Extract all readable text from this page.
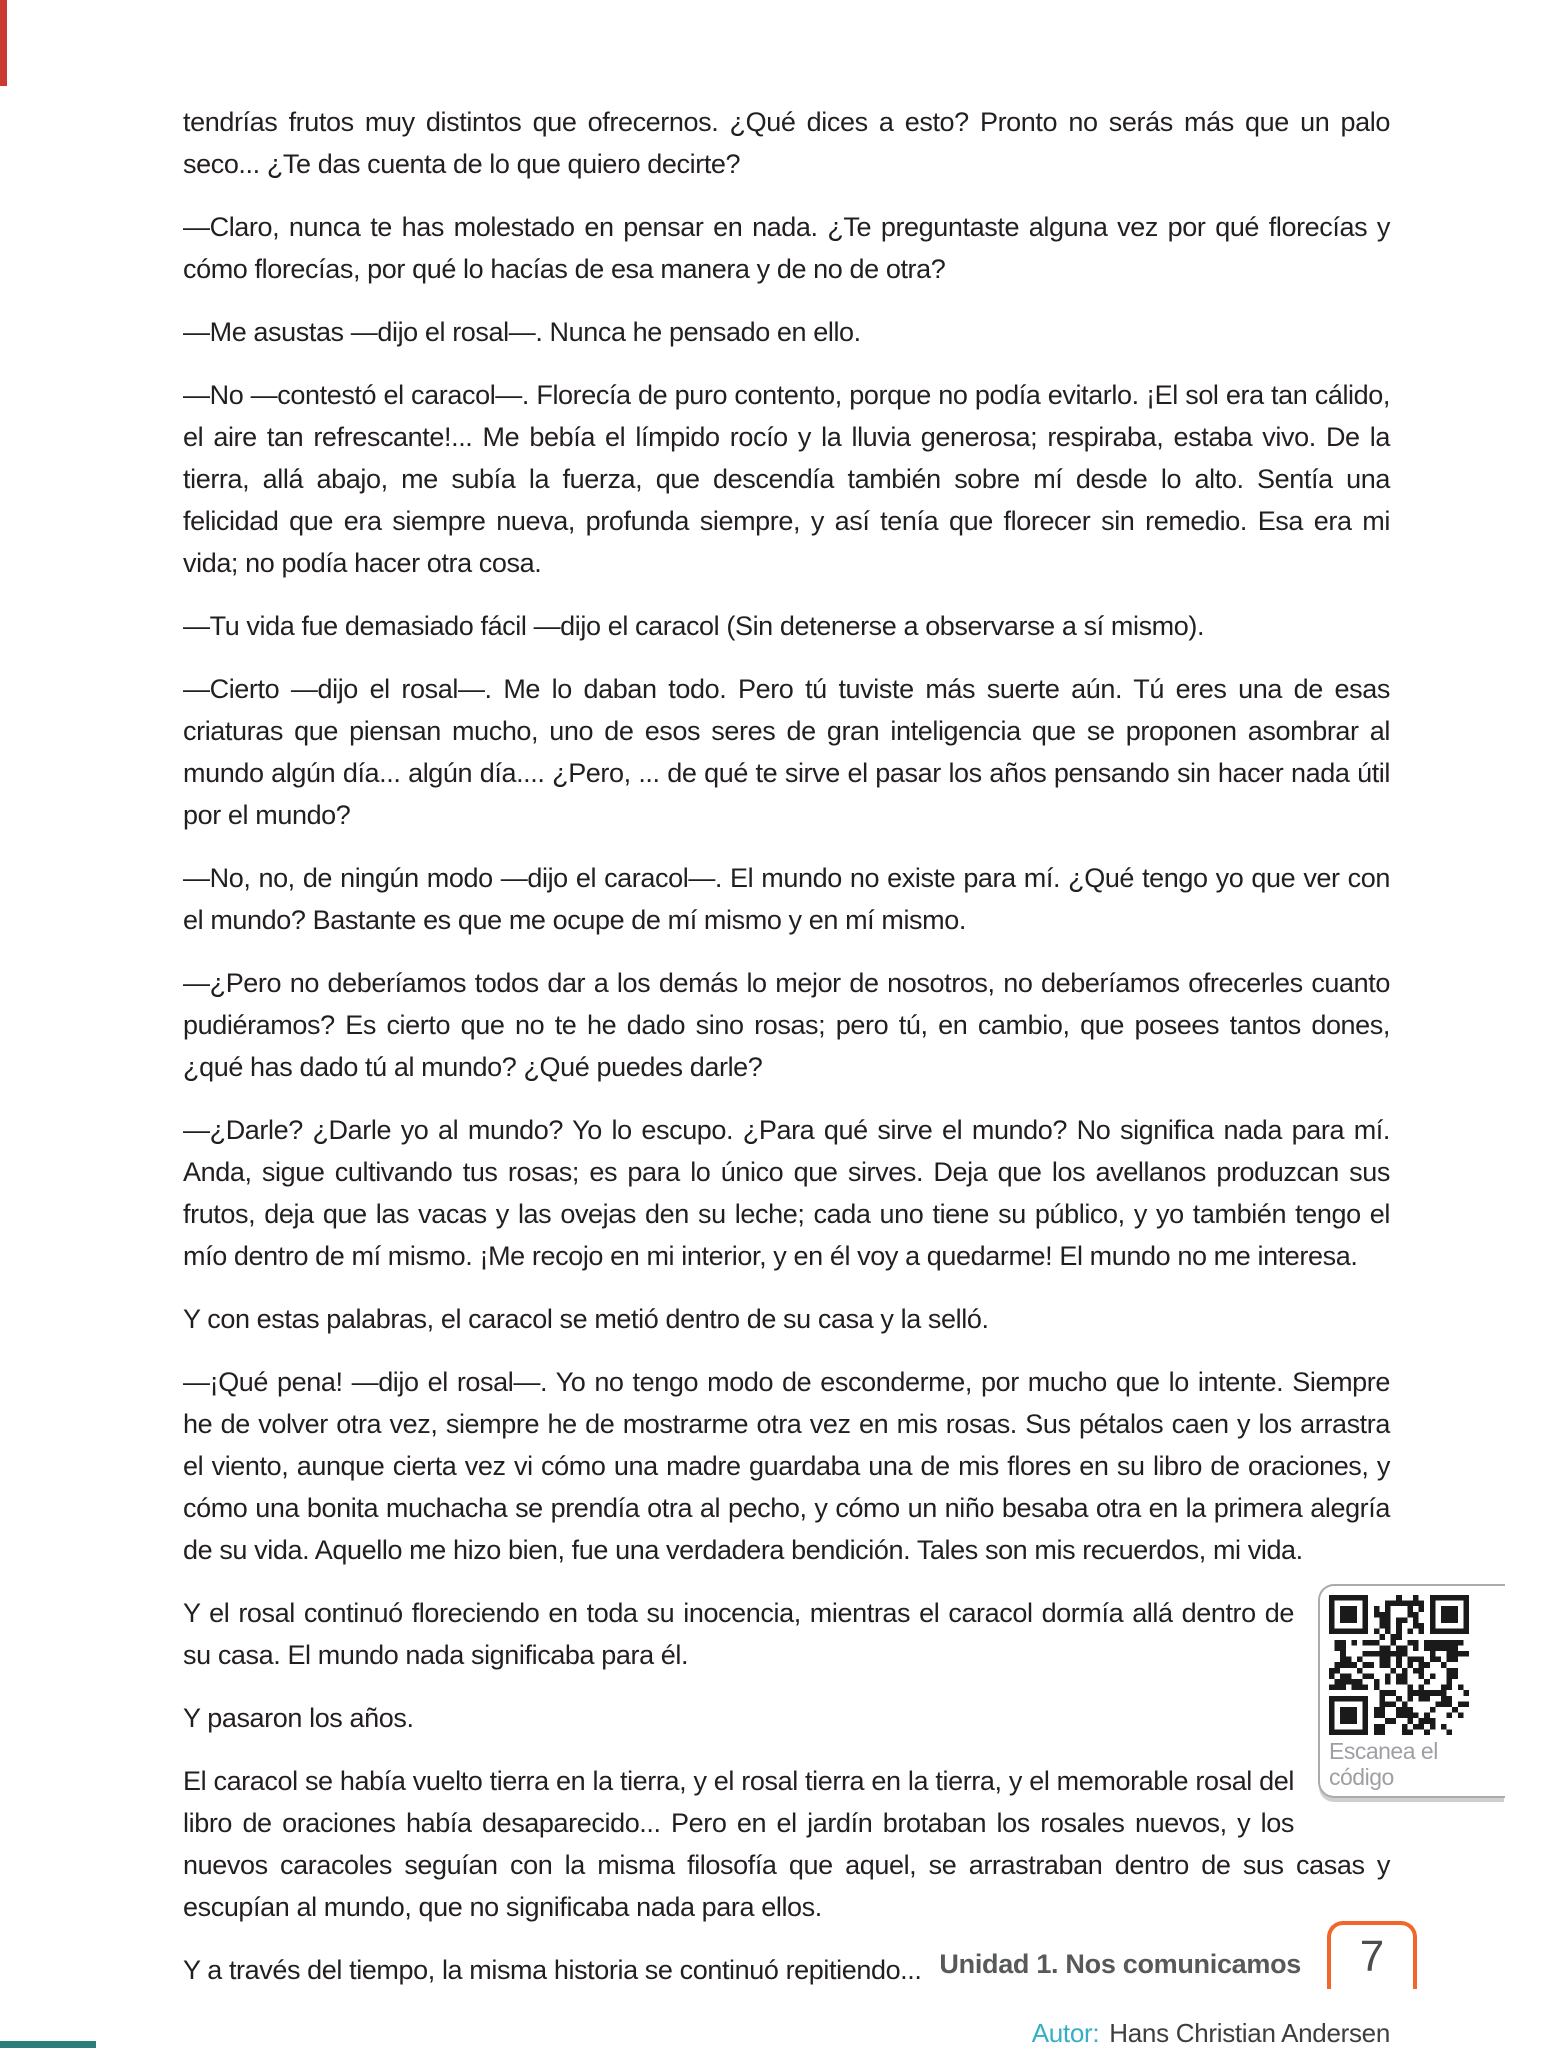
tendrías frutos muy distintos que ofrecernos. ¿Qué dices a esto? Pronto no serás más que un palo seco... ¿Te das cuenta de lo que quiero decirte?

—Claro, nunca te has molestado en pensar en nada. ¿Te preguntaste alguna vez por qué florecías y cómo florecías, por qué lo hacías de esa manera y de no de otra?

—Me asustas —dijo el rosal—. Nunca he pensado en ello.

—No —contestó el caracol—. Florecía de puro contento, porque no podía evitarlo. ¡El sol era tan cálido, el aire tan refrescante!... Me bebía el límpido rocío y la lluvia generosa; respiraba, estaba vivo. De la tierra, allá abajo, me subía la fuerza, que descendía también sobre mí desde lo alto. Sentía una felicidad que era siempre nueva, profunda siempre, y así tenía que florecer sin remedio. Esa era mi vida; no podía hacer otra cosa.

—Tu vida fue demasiado fácil —dijo el caracol (Sin detenerse a observarse a sí mismo).

—Cierto —dijo el rosal—. Me lo daban todo. Pero tú tuviste más suerte aún. Tú eres una de esas criaturas que piensan mucho, uno de esos seres de gran inteligencia que se proponen asombrar al mundo algún día... algún día.... ¿Pero, ... de qué te sirve el pasar los años pensando sin hacer nada útil por el mundo?

—No, no, de ningún modo —dijo el caracol—. El mundo no existe para mí. ¿Qué tengo yo que ver con el mundo? Bastante es que me ocupe de mí mismo y en mí mismo.

—¿Pero no deberíamos todos dar a los demás lo mejor de nosotros, no deberíamos ofrecerles cuanto pudiéramos? Es cierto que no te he dado sino rosas; pero tú, en cambio, que posees tantos dones, ¿qué has dado tú al mundo? ¿Qué puedes darle?

—¿Darle? ¿Darle yo al mundo? Yo lo escupo. ¿Para qué sirve el mundo? No significa nada para mí. Anda, sigue cultivando tus rosas; es para lo único que sirves. Deja que los avellanos produzcan sus frutos, deja que las vacas y las ovejas den su leche; cada uno tiene su público, y yo también tengo el mío dentro de mí mismo. ¡Me recojo en mi interior, y en él voy a quedarme! El mundo no me interesa.

Y con estas palabras, el caracol se metió dentro de su casa y la selló.

—¡Qué pena! —dijo el rosal—. Yo no tengo modo de esconderme, por mucho que lo intente. Siempre he de volver otra vez, siempre he de mostrarme otra vez en mis rosas. Sus pétalos caen y los arrastra el viento, aunque cierta vez vi cómo una madre guardaba una de mis flores en su libro de oraciones, y cómo una bonita muchacha se prendía otra al pecho, y cómo un niño besaba otra en la primera alegría de su vida. Aquello me hizo bien, fue una verdadera bendición. Tales son mis recuerdos, mi vida.

Escanea el código

Y el rosal continuó floreciendo en toda su inocencia, mientras el caracol dormía allá dentro de su casa. El mundo nada significaba para él.

Y pasaron los años.

El caracol se había vuelto tierra en la tierra, y el rosal tierra en la tierra, y el memorable rosal del libro de oraciones había desaparecido... Pero en el jardín brotaban los rosales nuevos, y los nuevos caracoles seguían con la misma filosofía que aquel, se arrastraban dentro de sus casas y escupían al mundo, que no significaba nada para ellos.

Y a través del tiempo, la misma historia se continuó repitiendo...

Autor: Hans Christian Andersen
Unidad 1. Nos comunicamos 7
